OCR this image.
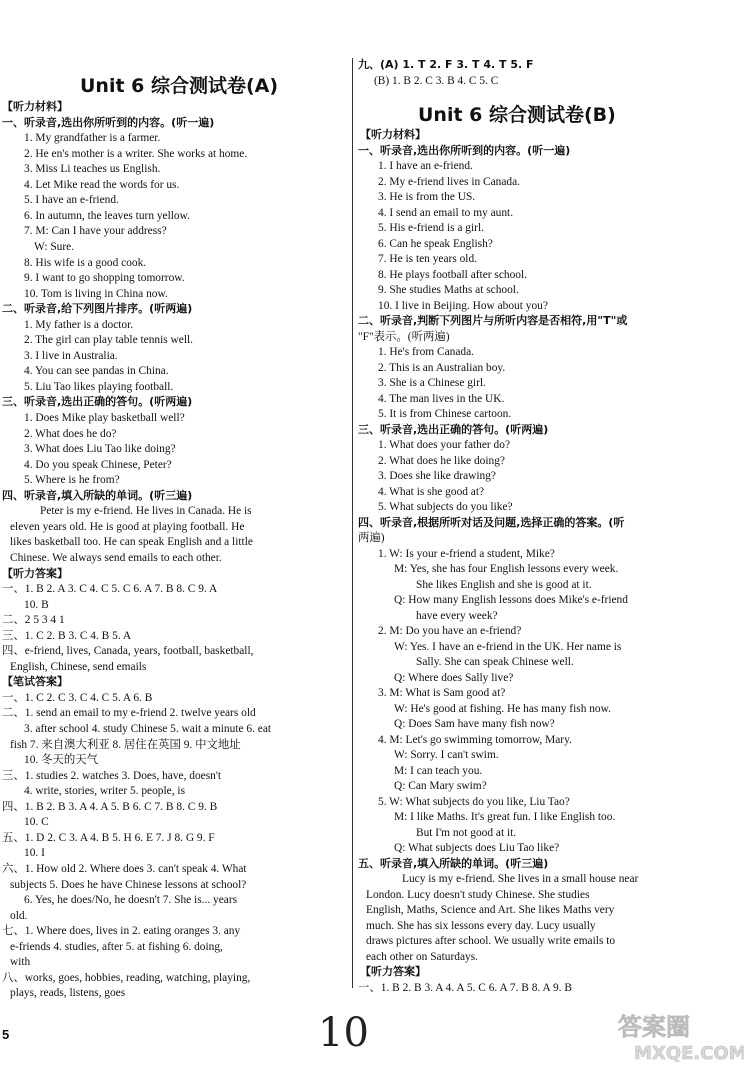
Unit 6 综合测试卷(A)
【听力材料】
一、听录音,选出你所听到的内容。(听一遍)
1. My grandfather is a farmer.
2. He en's mother is a writer. She works at home.
3. Miss Li teaches us English.
4. Let Mike read the words for us.
5. I have an e-friend.
6. In autumn, the leaves turn yellow.
7. M: Can I have your address?
W: Sure.
8. His wife is a good cook.
9. I want to go shopping tomorrow.
10. Tom is living in China now.
二、听录音,给下列图片排序。(听两遍)
1. My father is a doctor.
2. The girl can play table tennis well.
3. I live in Australia.
4. You can see pandas in China.
5. Liu Tao likes playing football.
三、听录音,选出正确的答句。(听两遍)
1. Does Mike play basketball well?
2. What does he do?
3. What does Liu Tao like doing?
4. Do you speak Chinese, Peter?
5. Where is he from?
四、听录音,填入所缺的单词。(听三遍)
Peter is my e-friend. He lives in Canada. He is
eleven years old. He is good at playing football. He
likes basketball too. He can speak English and a little
Chinese. We always send emails to each other.
【听力答案】
一、1. B 2. A 3. C 4. C 5. C 6. A 7. B 8. C 9. A
10. B
二、2 5 3 4 1
三、1. C 2. B 3. C 4. B 5. A
四、e-friend, lives, Canada, years, football, basketball,
English, Chinese, send emails
【笔试答案】
一、1. C 2. C 3. C 4. C 5. A 6. B
二、1. send an email to my e-friend 2. twelve years old
3. after school 4. study Chinese 5. wait a minute 6. eat
fish 7. 来自澳大利亚 8. 居住在英国 9. 中文地址
10. 冬天的天气
三、1. studies 2. watches 3. Does, have, doesn't
4. write, stories, writer 5. people, is
四、1. B 2. B 3. A 4. A 5. B 6. C 7. B 8. C 9. B
10. C
五、1. D 2. C 3. A 4. B 5. H 6. E 7. J 8. G 9. F
10. I
六、1. How old 2. Where does 3. can't speak 4. What
subjects 5. Does he have Chinese lessons at school?
6. Yes, he does/No, he doesn't 7. She is... years
old.
七、1. Where does, lives in 2. eating oranges 3. any
e-friends 4. studies, after 5. at fishing 6. doing,
with
八、works, goes, hobbies, reading, watching, playing,
plays, reads, listens, goes
Unit 6 综合测试卷(B)
九、(A) 1. T 2. F 3. T 4. T 5. F
(B) 1. B 2. C 3. B 4. C 5. C
【听力材料】
一、听录音,选出你所听到的内容。(听一遍)
1. I have an e-friend.
2. My e-friend lives in Canada.
3. He is from the US.
4. I send an email to my aunt.
5. His e-friend is a girl.
6. Can he speak English?
7. He is ten years old.
8. He plays football after school.
9. She studies Maths at school.
10. I live in Beijing. How about you?
二、听录音,判断下列图片与所听内容是否相符,用"T"或
"F"表示。(听两遍)
1. He's from Canada.
2. This is an Australian boy.
3. She is a Chinese girl.
4. The man lives in the UK.
5. It is from Chinese cartoon.
三、听录音,选出正确的答句。(听两遍)
1. What does your father do?
2. What does he like doing?
3. Does she like drawing?
4. What is she good at?
5. What subjects do you like?
四、听录音,根据所听对话及问题,选择正确的答案。(听
两遍)
1. W: Is your e-friend a student, Mike?
M: Yes, she has four English lessons every week.
She likes English and she is good at it.
Q: How many English lessons does Mike's e-friend
have every week?
2. M: Do you have an e-friend?
W: Yes. I have an e-friend in the UK. Her name is
Sally. She can speak Chinese well.
Q: Where does Sally live?
3. M: What is Sam good at?
W: He's good at fishing. He has many fish now.
Q: Does Sam have many fish now?
4. M: Let's go swimming tomorrow, Mary.
W: Sorry. I can't swim.
M: I can teach you.
Q: Can Mary swim?
5. W: What subjects do you like, Liu Tao?
M: I like Maths. It's great fun. I like English too.
But I'm not good at it.
Q: What subjects does Liu Tao like?
五、听录音,填入所缺的单词。(听三遍)
Lucy is my e-friend. She lives in a small house near
London. Lucy doesn't study Chinese. She studies
English, Maths, Science and Art. She likes Maths very
much. She has six lessons every day. Lucy usually
draws pictures after school. We usually write emails to
each other on Saturdays.
【听力答案】
一、1. B 2. B 3. A 4. A 5. C 6. A 7. B 8. A 9. B
5	10	答案圈
MXQE.COM
